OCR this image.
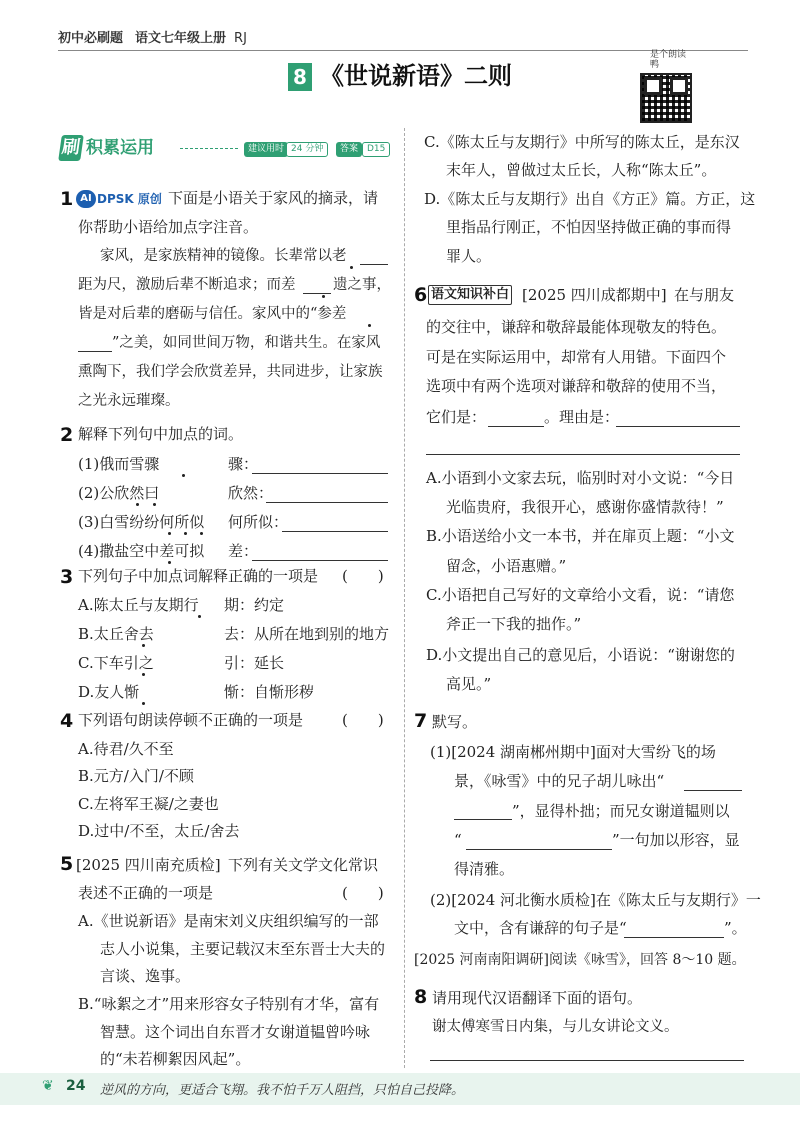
初中必刷题 语文七年级上册 RJ
8 《世说新语》二则
是个朗读鸭
刷 积累运用	建议用时 24 分钟	答案 D15
1 AI DPSK 原创 下面是小语关于家风的摘录，请
你帮助小语给加点字注音。
家风，是家族精神的镜像。长辈常以老
距为尺，激励后辈不断追求；而差	遗之事，
皆是对后辈的磨砺与信任。家风中的“参差
”之美，如同世间万物，和谐共生。在家风
熏陶下，我们学会欣赏差异，共同进步，让家族
之光永远璀璨。
2 解释下列句中加点的词。
(1)俄而雪骤	骤：
(2)公欣然曰	欣然：
(3)白雪纷纷何所似 何所似：
(4)撒盐空中差可拟 差：
3 下列句子中加点词解释正确的一项是 (　　)
A.陈太丘与友期行 期：约定
B.太丘舍去	去：从所在地到别的地方
C.下车引之	引：延长
D.友人惭	惭：自惭形秽
4 下列语句朗读停顿不正确的一项是	(　　)
A.待君/久不至
B.元方/入门/不顾
C.左将军王凝/之妻也
D.过中/不至，太丘/舍去
5 [2025 四川南充质检] 下列有关文学文化常识
表述不正确的一项是	(　　)
A.《世说新语》是南宋刘义庆组织编写的一部
志人小说集，主要记载汉末至东晋士大夫的
言谈、逸事。
B.“咏絮之才”用来形容女子特别有才华，富有
智慧。这个词出自东晋才女谢道韫曾吟咏
的“未若柳絮因风起”。
C.《陈太丘与友期行》中所写的陈太丘，是东汉
末年人，曾做过太丘长，人称“陈太丘”。
D.《陈太丘与友期行》出自《方正》篇。方正，这
里指品行刚正，不怕因坚持做正确的事而得
罪人。
6 语文知识补白 [2025 四川成都期中] 在与朋友
的交往中，谦辞和敬辞最能体现敬友的特色。
可是在实际运用中，却常有人用错。下面四个
选项中有两个选项对谦辞和敬辞的使用不当，
它们是：	。理由是：
A.小语到小文家去玩，临别时对小文说：“今日
光临贵府，我很开心，感谢你盛情款待！”
B.小语送给小文一本书，并在扉页上题：“小文
留念，小语惠赠。”
C.小语把自己写好的文章给小文看，说：“请您
斧正一下我的拙作。”
D.小文提出自己的意见后，小语说：“谢谢您的
高见。”
7 默写。
(1)[2024 湖南郴州期中]面对大雪纷飞的场
景，《咏雪》中的兄子胡儿咏出“
”，显得朴拙；而兄女谢道韫则以
“	”一句加以形容，显
得清雅。
(2)[2024 河北衡水质检]在《陈太丘与友期行》一
文中，含有谦辞的句子是“	”。
[2025 河南南阳调研]阅读《咏雪》，回答 8～10 题。
8 请用现代汉语翻译下面的语句。
谢太傅寒雪日内集，与儿女讲论文义。
❦ 24 逆风的方向，更适合飞翔。我不怕千万人阻挡，只怕自己投降。
